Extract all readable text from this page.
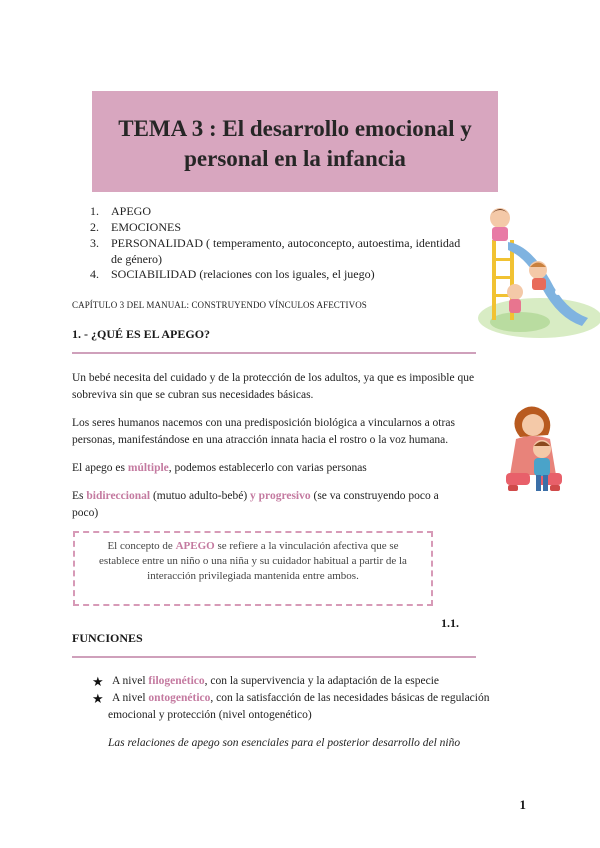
TEMA 3 : El desarrollo emocional y
personal en la infancia
1. APEGO
2. EMOCIONES
3. PERSONALIDAD ( temperamento, autoconcepto, autoestima, identidad
de género)
4. SOCIABILIDAD (relaciones con los iguales, el juego)
CAPÍTULO 3 DEL MANUAL: CONSTRUYENDO VÍNCULOS AFECTIVOS
1. - ¿QUÉ ES EL APEGO?
Un bebé necesita del cuidado y de la protección de los adultos, ya que es imposible que
sobreviva sin que se cubran sus necesidades básicas.
Los seres humanos nacemos con una predisposición biológica a vincularnos a otras
personas, manifestándose en una atracción innata hacia el rostro o la voz humana.
El apego es múltiple, podemos establecerlo con varias personas
Es bidireccional (mutuo adulto-bebé) y progresivo (se va construyendo poco a
poco)
El concepto de APEGO se refiere a la vinculación afectiva que se
establece entre un niño o una niña y su cuidador habitual a partir de la
interacción privilegiada mantenida entre ambos.
1.1.
FUNCIONES
★ A nivel filogenético, con la supervivencia y la adaptación de la especie
★ A nivel ontogenético, con la satisfacción de las necesidades básicas de regulación
emocional y protección (nivel ontogenético)
Las relaciones de apego son esenciales para el posterior desarrollo del niño
1
